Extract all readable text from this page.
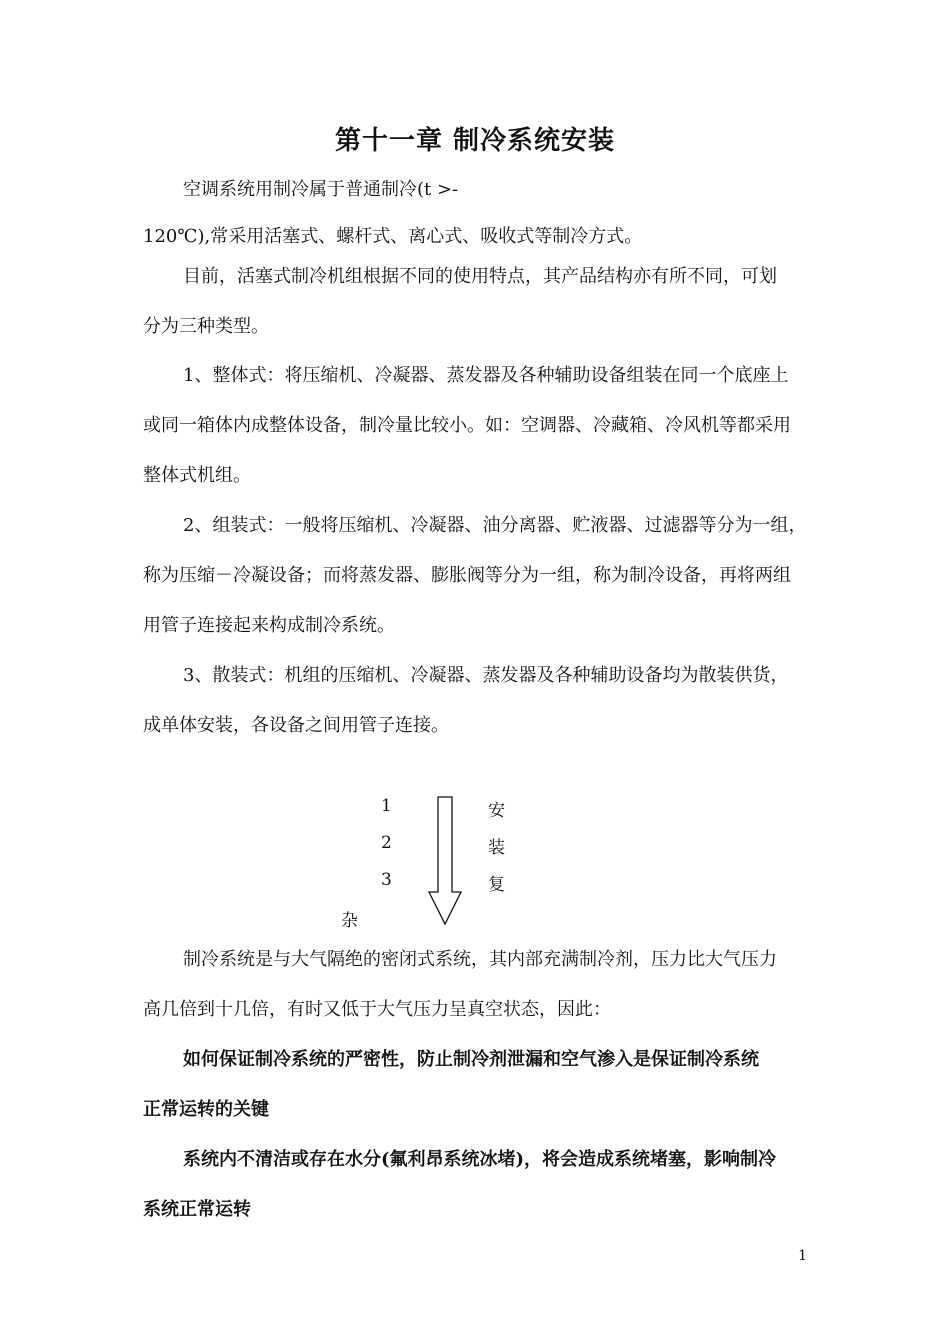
第十一章 制冷系统安装
空调系统用制冷属于普通制冷(t >-
120℃),常采用活塞式、螺杆式、离心式、吸收式等制冷方式。
目前，活塞式制冷机组根据不同的使用特点，其产品结构亦有所不同，可划
分为三种类型。
1、整体式：将压缩机、冷凝器、蒸发器及各种辅助设备组装在同一个底座上
或同一箱体内成整体设备，制冷量比较小。如：空调器、冷藏箱、冷风机等都采用
整体式机组。
2、组装式：一般将压缩机、冷凝器、油分离器、贮液器、过滤器等分为一组，
称为压缩－冷凝设备；而将蒸发器、膨胀阀等分为一组，称为制冷设备，再将两组
用管子连接起来构成制冷系统。
3、散装式：机组的压缩机、冷凝器、蒸发器及各种辅助设备均为散装供货，
成单体安装，各设备之间用管子连接。
1
2
3
杂
安
装
复
制冷系统是与大气隔绝的密闭式系统，其内部充满制冷剂，压力比大气压力
高几倍到十几倍，有时又低于大气压力呈真空状态，因此：
如何保证制冷系统的严密性，防止制冷剂泄漏和空气渗入是保证制冷系统
正常运转的关键
系统内不清洁或存在水分(氟利昂系统冰堵)，将会造成系统堵塞，影响制冷
系统正常运转
1
